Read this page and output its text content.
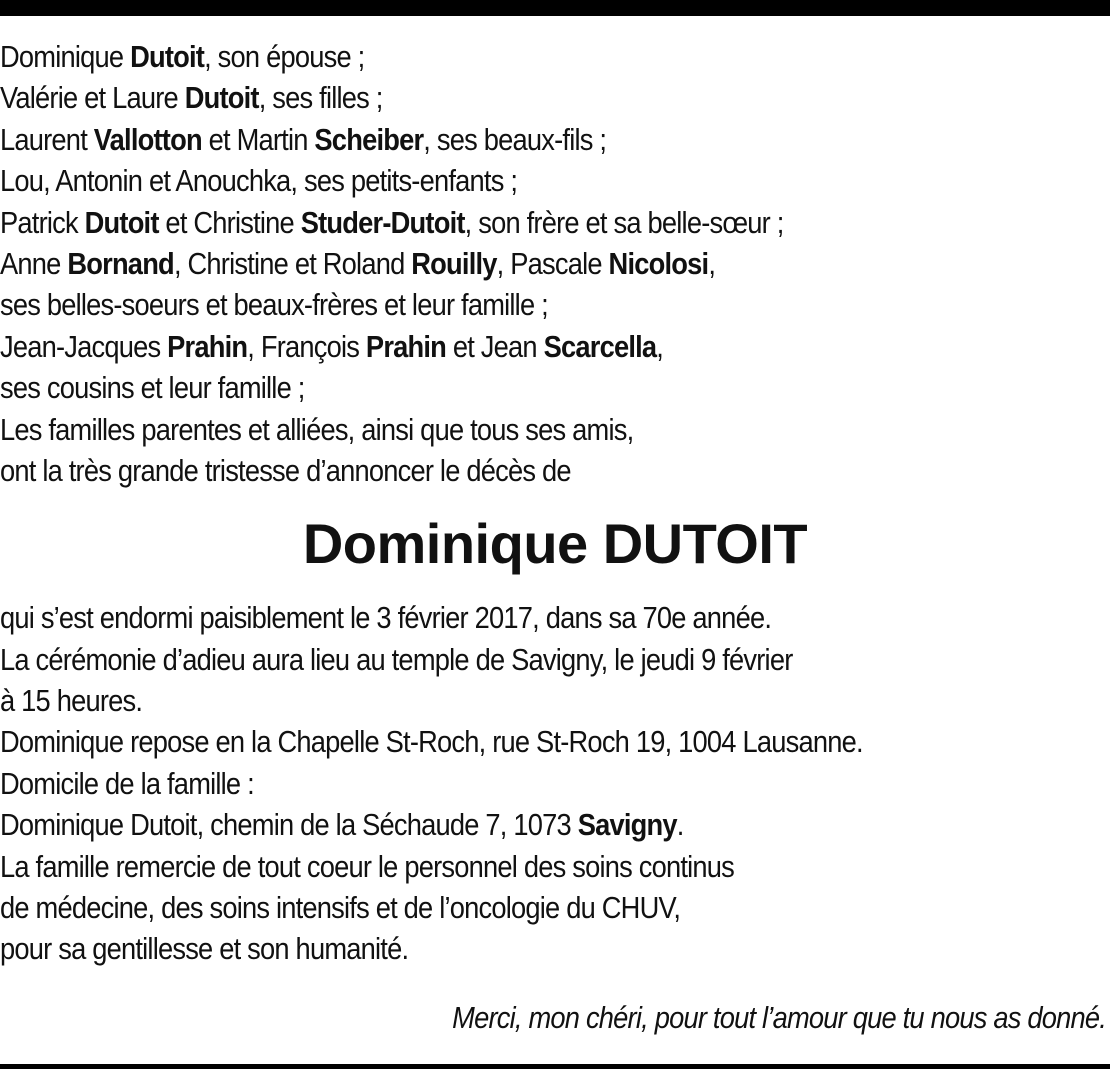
Dominique Dutoit, son épouse ;
Valérie et Laure Dutoit, ses filles ;
Laurent Vallotton et Martin Scheiber, ses beaux-fils ;
Lou, Antonin et Anouchka, ses petits-enfants ;
Patrick Dutoit et Christine Studer-Dutoit, son frère et sa belle-sœur ;
Anne Bornand, Christine et Roland Rouilly, Pascale Nicolosi,
ses belles-soeurs et beaux-frères et leur famille ;
Jean-Jacques Prahin, François Prahin et Jean Scarcella,
ses cousins et leur famille ;
Les familles parentes et alliées, ainsi que tous ses amis,
ont la très grande tristesse d’annoncer le décès de
Dominique DUTOIT
qui s’est endormi paisiblement le 3 février 2017, dans sa 70e année.
La cérémonie d’adieu aura lieu au temple de Savigny, le jeudi 9 février
à 15 heures.
Dominique repose en la Chapelle St-Roch, rue St-Roch 19, 1004 Lausanne.
Domicile de la famille :
Dominique Dutoit, chemin de la Séchaude 7, 1073 Savigny.
La famille remercie de tout coeur le personnel des soins continus
de médecine, des soins intensifs et de l’oncologie du CHUV,
pour sa gentillesse et son humanité.
Merci, mon chéri, pour tout l’amour que tu nous as donné.
